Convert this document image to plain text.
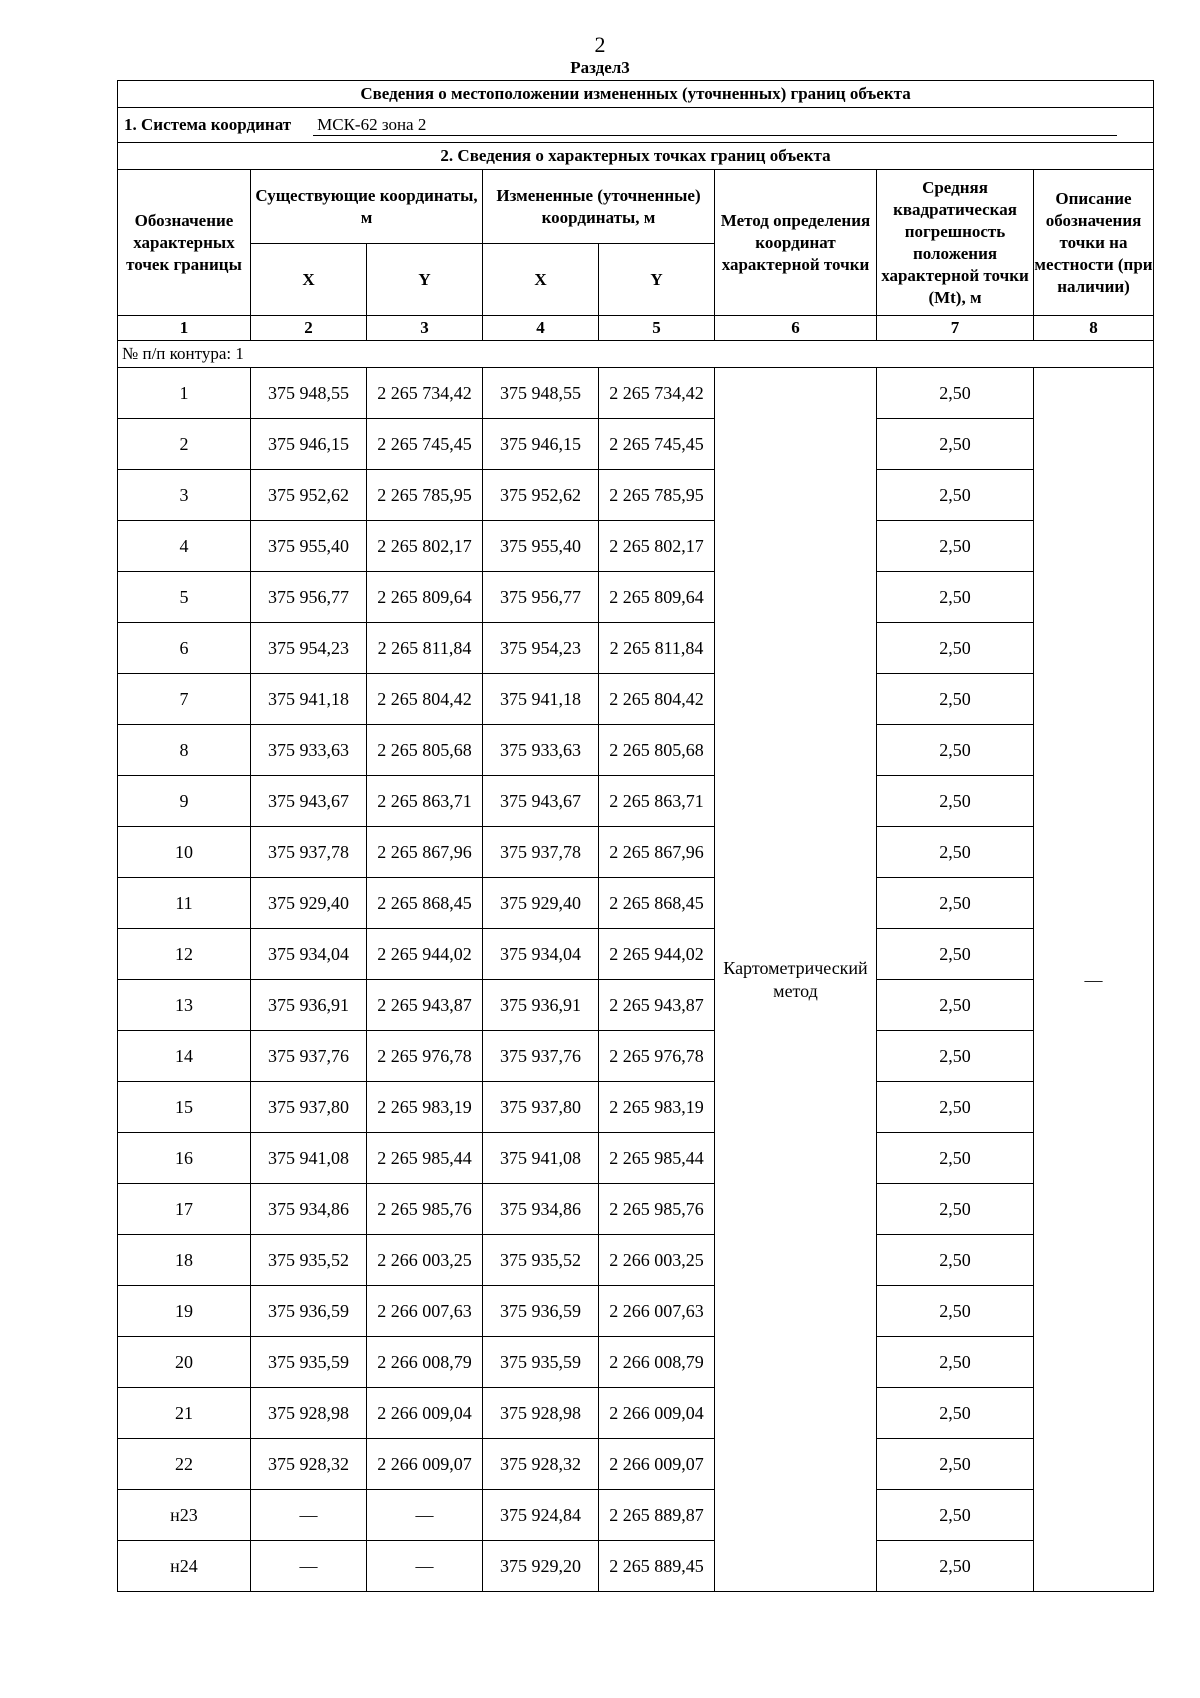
2
Раздел3
Сведения о местоположении измененных (уточненных) границ объекта							
1. Система координат МСК-62 зона 2							
2. Сведения о характерных точках границ объекта							
Обозначение характерных точек границы	Существующие координаты, м		Измененные (уточненные) координаты, м		Метод определения координат характерной точки	Средняя квадратическая погрешность положения характерной точки (Mt), м	Описание обозначения точки на местности (при наличии)
	X	Y	X	Y			
1	2	3	4	5	6	7	8
№ п/п контура: 1							
1	375 948,55	2 265 734,42	375 948,55	2 265 734,42	Картометрический метод	2,50	—
2	375 946,15	2 265 745,45	375 946,15	2 265 745,45		2,50	
3	375 952,62	2 265 785,95	375 952,62	2 265 785,95		2,50	
4	375 955,40	2 265 802,17	375 955,40	2 265 802,17		2,50	
5	375 956,77	2 265 809,64	375 956,77	2 265 809,64		2,50	
6	375 954,23	2 265 811,84	375 954,23	2 265 811,84		2,50	
7	375 941,18	2 265 804,42	375 941,18	2 265 804,42		2,50	
8	375 933,63	2 265 805,68	375 933,63	2 265 805,68		2,50	
9	375 943,67	2 265 863,71	375 943,67	2 265 863,71		2,50	
10	375 937,78	2 265 867,96	375 937,78	2 265 867,96		2,50	
11	375 929,40	2 265 868,45	375 929,40	2 265 868,45		2,50	
12	375 934,04	2 265 944,02	375 934,04	2 265 944,02		2,50	
13	375 936,91	2 265 943,87	375 936,91	2 265 943,87		2,50	
14	375 937,76	2 265 976,78	375 937,76	2 265 976,78		2,50	
15	375 937,80	2 265 983,19	375 937,80	2 265 983,19		2,50	
16	375 941,08	2 265 985,44	375 941,08	2 265 985,44		2,50	
17	375 934,86	2 265 985,76	375 934,86	2 265 985,76		2,50	
18	375 935,52	2 266 003,25	375 935,52	2 266 003,25		2,50	
19	375 936,59	2 266 007,63	375 936,59	2 266 007,63		2,50	
20	375 935,59	2 266 008,79	375 935,59	2 266 008,79		2,50	
21	375 928,98	2 266 009,04	375 928,98	2 266 009,04		2,50	
22	375 928,32	2 266 009,07	375 928,32	2 266 009,07		2,50	
н23	—	—	375 924,84	2 265 889,87		2,50	
н24	—	—	375 929,20	2 265 889,45		2,50	
